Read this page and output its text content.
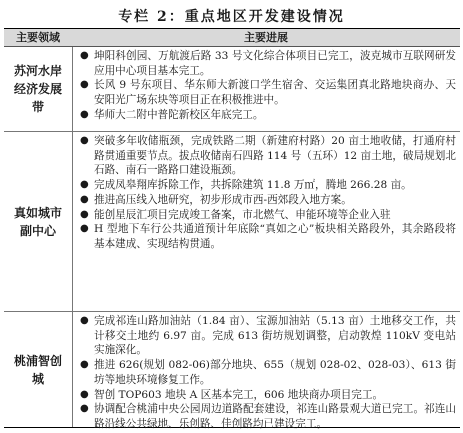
专栏 2：重点地区开发建设情况
主要领域	主要进展
苏河水岸经济发展带
● 坤阳科创园、万航渡后路 33 号文化综合体项目已完工，波克城市互联网研发应用中心项目基本完工。
● 长风 9 号东项目、华东师大新渡口学生宿舍、交运集团真北路地块商办、天安阳光广场东块等项目正在积极推进中。
● 华师大二附中普陀新校区年底完工。
真如城市副中心
● 突破多年收储瓶颈，完成铁路二期（新建府村路）20 亩土地收储，打通府村路贯通重要节点。拔点收储南石四路 114 号（五环）12 亩土地，破局规划北石路、南石一路路口建设瓶颈。
● 完成凤皋翔库拆除工作，共拆除建筑 11.8 万㎡，腾地 266.28 亩。
● 推进高压线入地研究，初步形成市西-西郊段入地方案。
● 能创星辰汇项目完成竣工备案，市北燃气、申能环境等企业入驻
● H 型地下车行公共通道预计年底除“真如之心”板块相关路段外，其余路段将基本建成、实现结构贯通。
桃浦智创城
● 完成祁连山路加油站（1.84 亩）、宝源加油站（5.13 亩）土地移交工作，共计移交土地约 6.97 亩。完成 613 街坊规划调整，启动敦煌 110kV 变电站实施深化。
● 推进 626(规划 082-06)部分地块、655（规划 028-02、028-03）、613 街坊等地块环境修复工作。
● 智创 TOP603 地块 A 区基本完工，606 地块商办项目完工。
● 协调配合桃浦中央公园周边道路配套建设，祁连山路景观大道已完工。祁连山路沿线公共绿地、乐创路、佳创路均已建设完工。
